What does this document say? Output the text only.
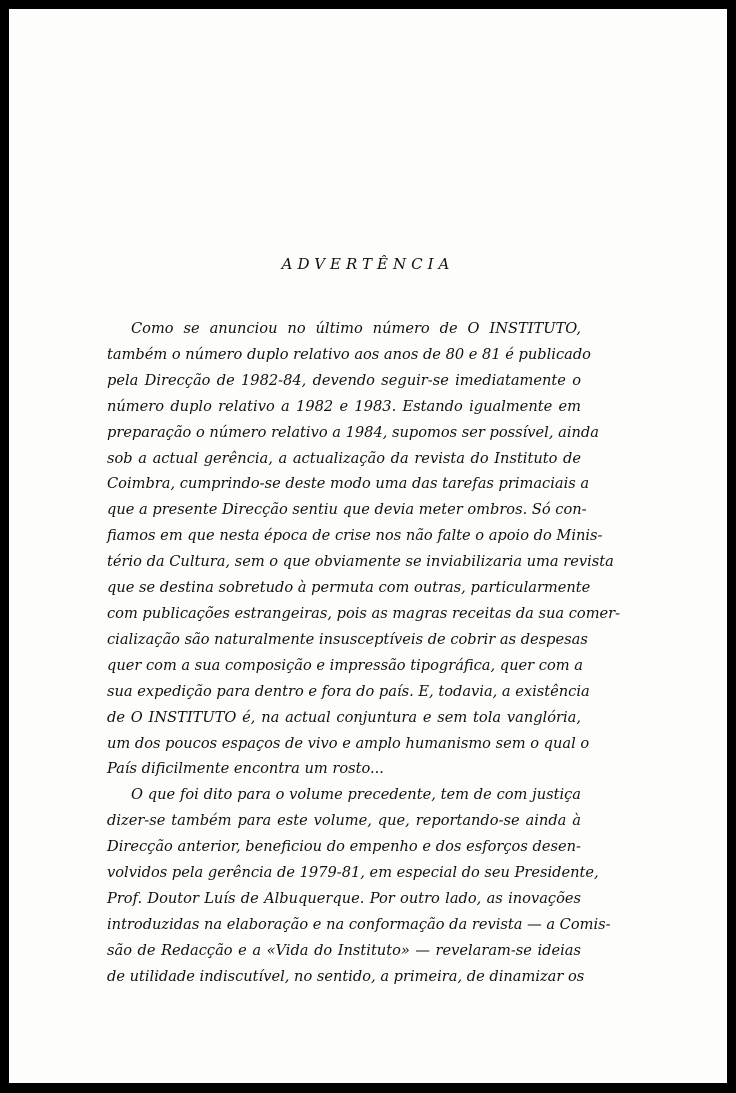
ADVERTÊNCIA
Como se anunciou no último número de O INSTITUTO,
também o número duplo relativo aos anos de 80 e 81 é publicado
pela Direcção de 1982-84, devendo seguir-se imediatamente o
número duplo relativo a 1982 e 1983. Estando igualmente em
preparação o número relativo a 1984, supomos ser possível, ainda
sob a actual gerência, a actualização da revista do Instituto de
Coimbra, cumprindo-se deste modo uma das tarefas primaciais a
que a presente Direcção sentiu que devia meter ombros. Só con-
fiamos em que nesta época de crise nos não falte o apoio do Minis-
tério da Cultura, sem o que obviamente se inviabilizaria uma revista
que se destina sobretudo à permuta com outras, particularmente
com publicações estrangeiras, pois as magras receitas da sua comer-
cialização são naturalmente insusceptíveis de cobrir as despesas
quer com a sua composição e impressão tipográfica, quer com a
sua expedição para dentro e fora do país. E, todavia, a existência
de O INSTITUTO é, na actual conjuntura e sem tola vanglória,
um dos poucos espaços de vivo e amplo humanismo sem o qual o
País dificilmente encontra um rosto...
O que foi dito para o volume precedente, tem de com justiça
dizer-se também para este volume, que, reportando-se ainda à
Direcção anterior, beneficiou do empenho e dos esforços desen-
volvidos pela gerência de 1979-81, em especial do seu Presidente,
Prof. Doutor Luís de Albuquerque. Por outro lado, as inovações
introduzidas na elaboração e na conformação da revista — a Comis-
são de Redacção e a «Vida do Instituto» — revelaram-se ideias
de utilidade indiscutível, no sentido, a primeira, de dinamizar os
